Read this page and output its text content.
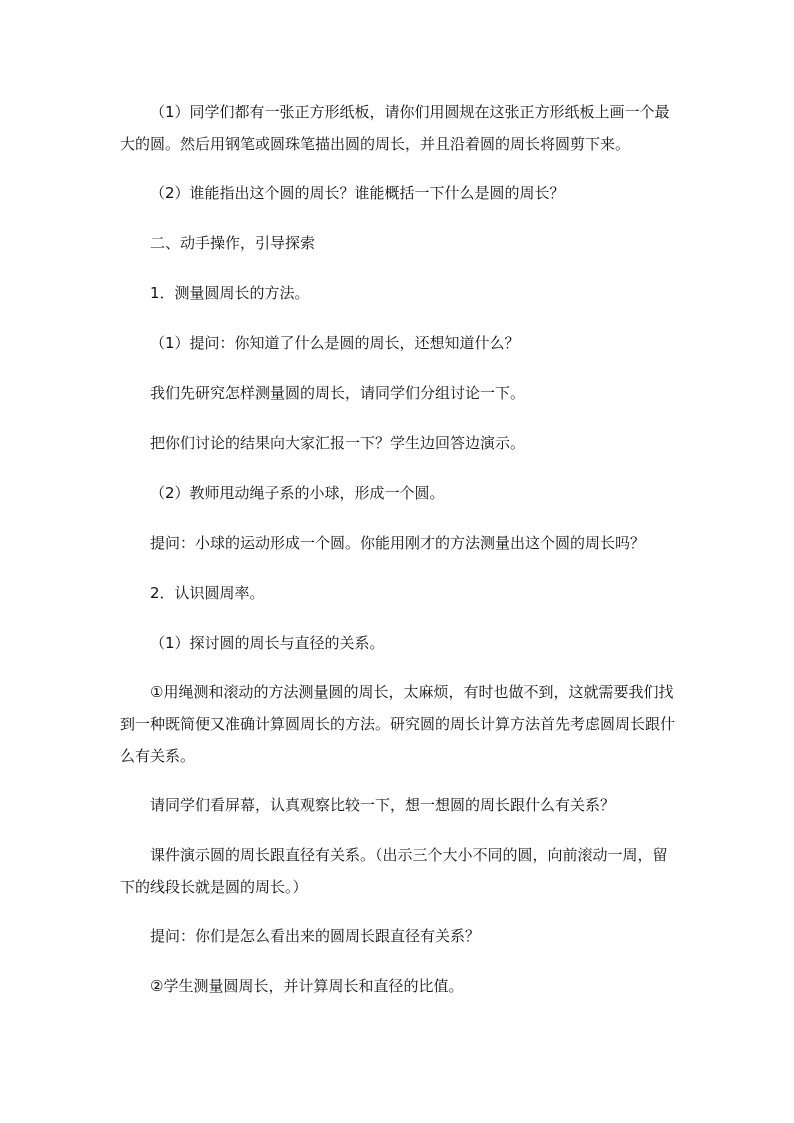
（1）同学们都有一张正方形纸板，请你们用圆规在这张正方形纸板上画一个最大的圆。然后用钢笔或圆珠笔描出圆的周长，并且沿着圆的周长将圆剪下来。

（2）谁能指出这个圆的周长？谁能概括一下什么是圆的周长？

二、动手操作，引导探索

1．测量圆周长的方法。

（1）提问：你知道了什么是圆的周长，还想知道什么？

我们先研究怎样测量圆的周长，请同学们分组讨论一下。

把你们讨论的结果向大家汇报一下？学生边回答边演示。

（2）教师甩动绳子系的小球，形成一个圆。

提问：小球的运动形成一个圆。你能用刚才的方法测量出这个圆的周长吗？

2．认识圆周率。

（1）探讨圆的周长与直径的关系。

①用绳测和滚动的方法测量圆的周长，太麻烦，有时也做不到，这就需要我们找到一种既简便又准确计算圆周长的方法。研究圆的周长计算方法首先考虑圆周长跟什么有关系。

请同学们看屏幕，认真观察比较一下，想一想圆的周长跟什么有关系？

课件演示圆的周长跟直径有关系。（出示三个大小不同的圆，向前滚动一周，留下的线段长就是圆的周长。）

提问：你们是怎么看出来的圆周长跟直径有关系？

②学生测量圆周长，并计算周长和直径的比值。
